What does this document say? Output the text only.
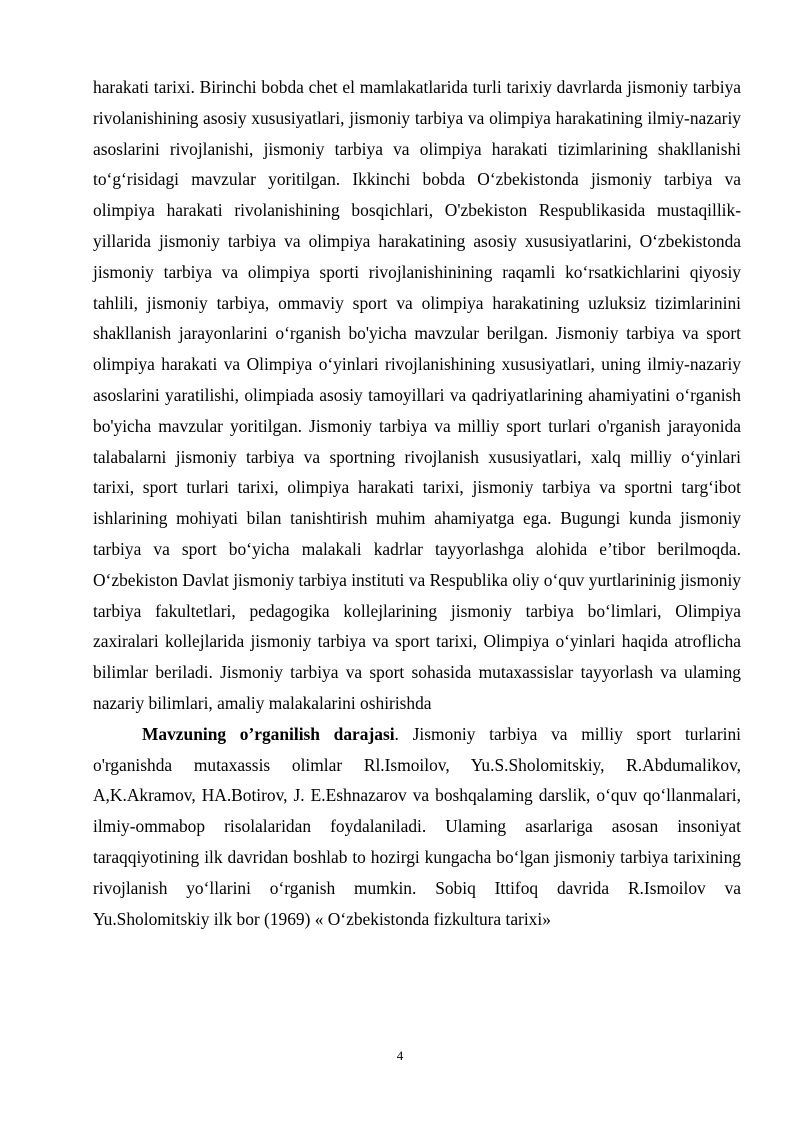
harakati tarixi. Birinchi bobda chet el mamlakatlarida turli tarixiy davrlarda jismoniy tarbiya rivolanishining asosiy xususiyatlari, jismoniy tarbiya va olimpiya harakatining ilmiy-nazariy asoslarini rivojlanishi, jismoniy tarbiya va olimpiya harakati tizimlarining shakllanishi to‘g‘risidagi mavzular yoritilgan. Ikkinchi bobda O‘zbekistonda jismoniy tarbiya va olimpiya harakati rivolanishining bosqichlari, O'zbekiston Respublikasida mustaqillik-yillarida jismoniy tarbiya va olimpiya harakatining asosiy xususiyatlarini, O‘zbekistonda jismoniy tarbiya va olimpiya sporti rivojlanishinining raqamli ko‘rsatkichlarini qiyosiy tahlili, jismoniy tarbiya, ommaviy sport va olimpiya harakatining uzluksiz tizimlarinini shakllanish jarayonlarini o‘rganish bo'yicha mavzular berilgan. Jismoniy tarbiya va sport olimpiya harakati va Olimpiya o‘yinlari rivojlanishining xususiyatlari, uning ilmiy-nazariy asoslarini yaratilishi, olimpiada asosiy tamoyillari va qadriyatlarining ahamiyatini o‘rganish bo'yicha mavzular yoritilgan. Jismoniy tarbiya va milliy sport turlari o'rganish jarayonida talabalarni jismoniy tarbiya va sportning rivojlanish xususiyatlari, xalq milliy o‘yinlari tarixi, sport turlari tarixi, olimpiya harakati tarixi, jismoniy tarbiya va sportni targ‘ibot ishlarining mohiyati bilan tanishtirish muhim ahamiyatga ega. Bugungi kunda jismoniy tarbiya va sport bo‘yicha malakali kadrlar tayyorlashga alohida e’tibor berilmoqda. O‘zbekiston Davlat jismoniy tarbiya instituti va Respublika oliy o‘quv yurtlarininig jismoniy tarbiya fakultetlari, pedagogika kollejlarining jismoniy tarbiya bo‘limlari, Olimpiya zaxiralari kollejlarida jismoniy tarbiya va sport tarixi, Olimpiya o‘yinlari haqida atroflicha bilimlar beriladi. Jismoniy tarbiya va sport sohasida mutaxassislar tayyorlash va ulaming nazariy bilimlari, amaliy malakalarini oshirishda

Mavzuning o’rganilish darajasi. Jismoniy tarbiya va milliy sport turlarini o'rganishda mutaxassis olimlar Rl.Ismoilov, Yu.S.Sholomitskiy, R.Abdumalikov, A,K.Akramov, HA.Botirov, J. E.Eshnazarov va boshqalaming darslik, o‘quv qo‘llanmalari, ilmiy-ommabop risolalaridan foydalaniladi. Ulaming asarlariga asosan insoniyat taraqqiyotining ilk davridan boshlab to hozirgi kungacha bo‘lgan jismoniy tarbiya tarixining rivojlanish yo‘llarini o‘rganish mumkin. Sobiq Ittifoq davrida R.Ismoilov va Yu.Sholomitskiy ilk bor (1969) « O‘zbekistonda fizkultura tarixi»

4
